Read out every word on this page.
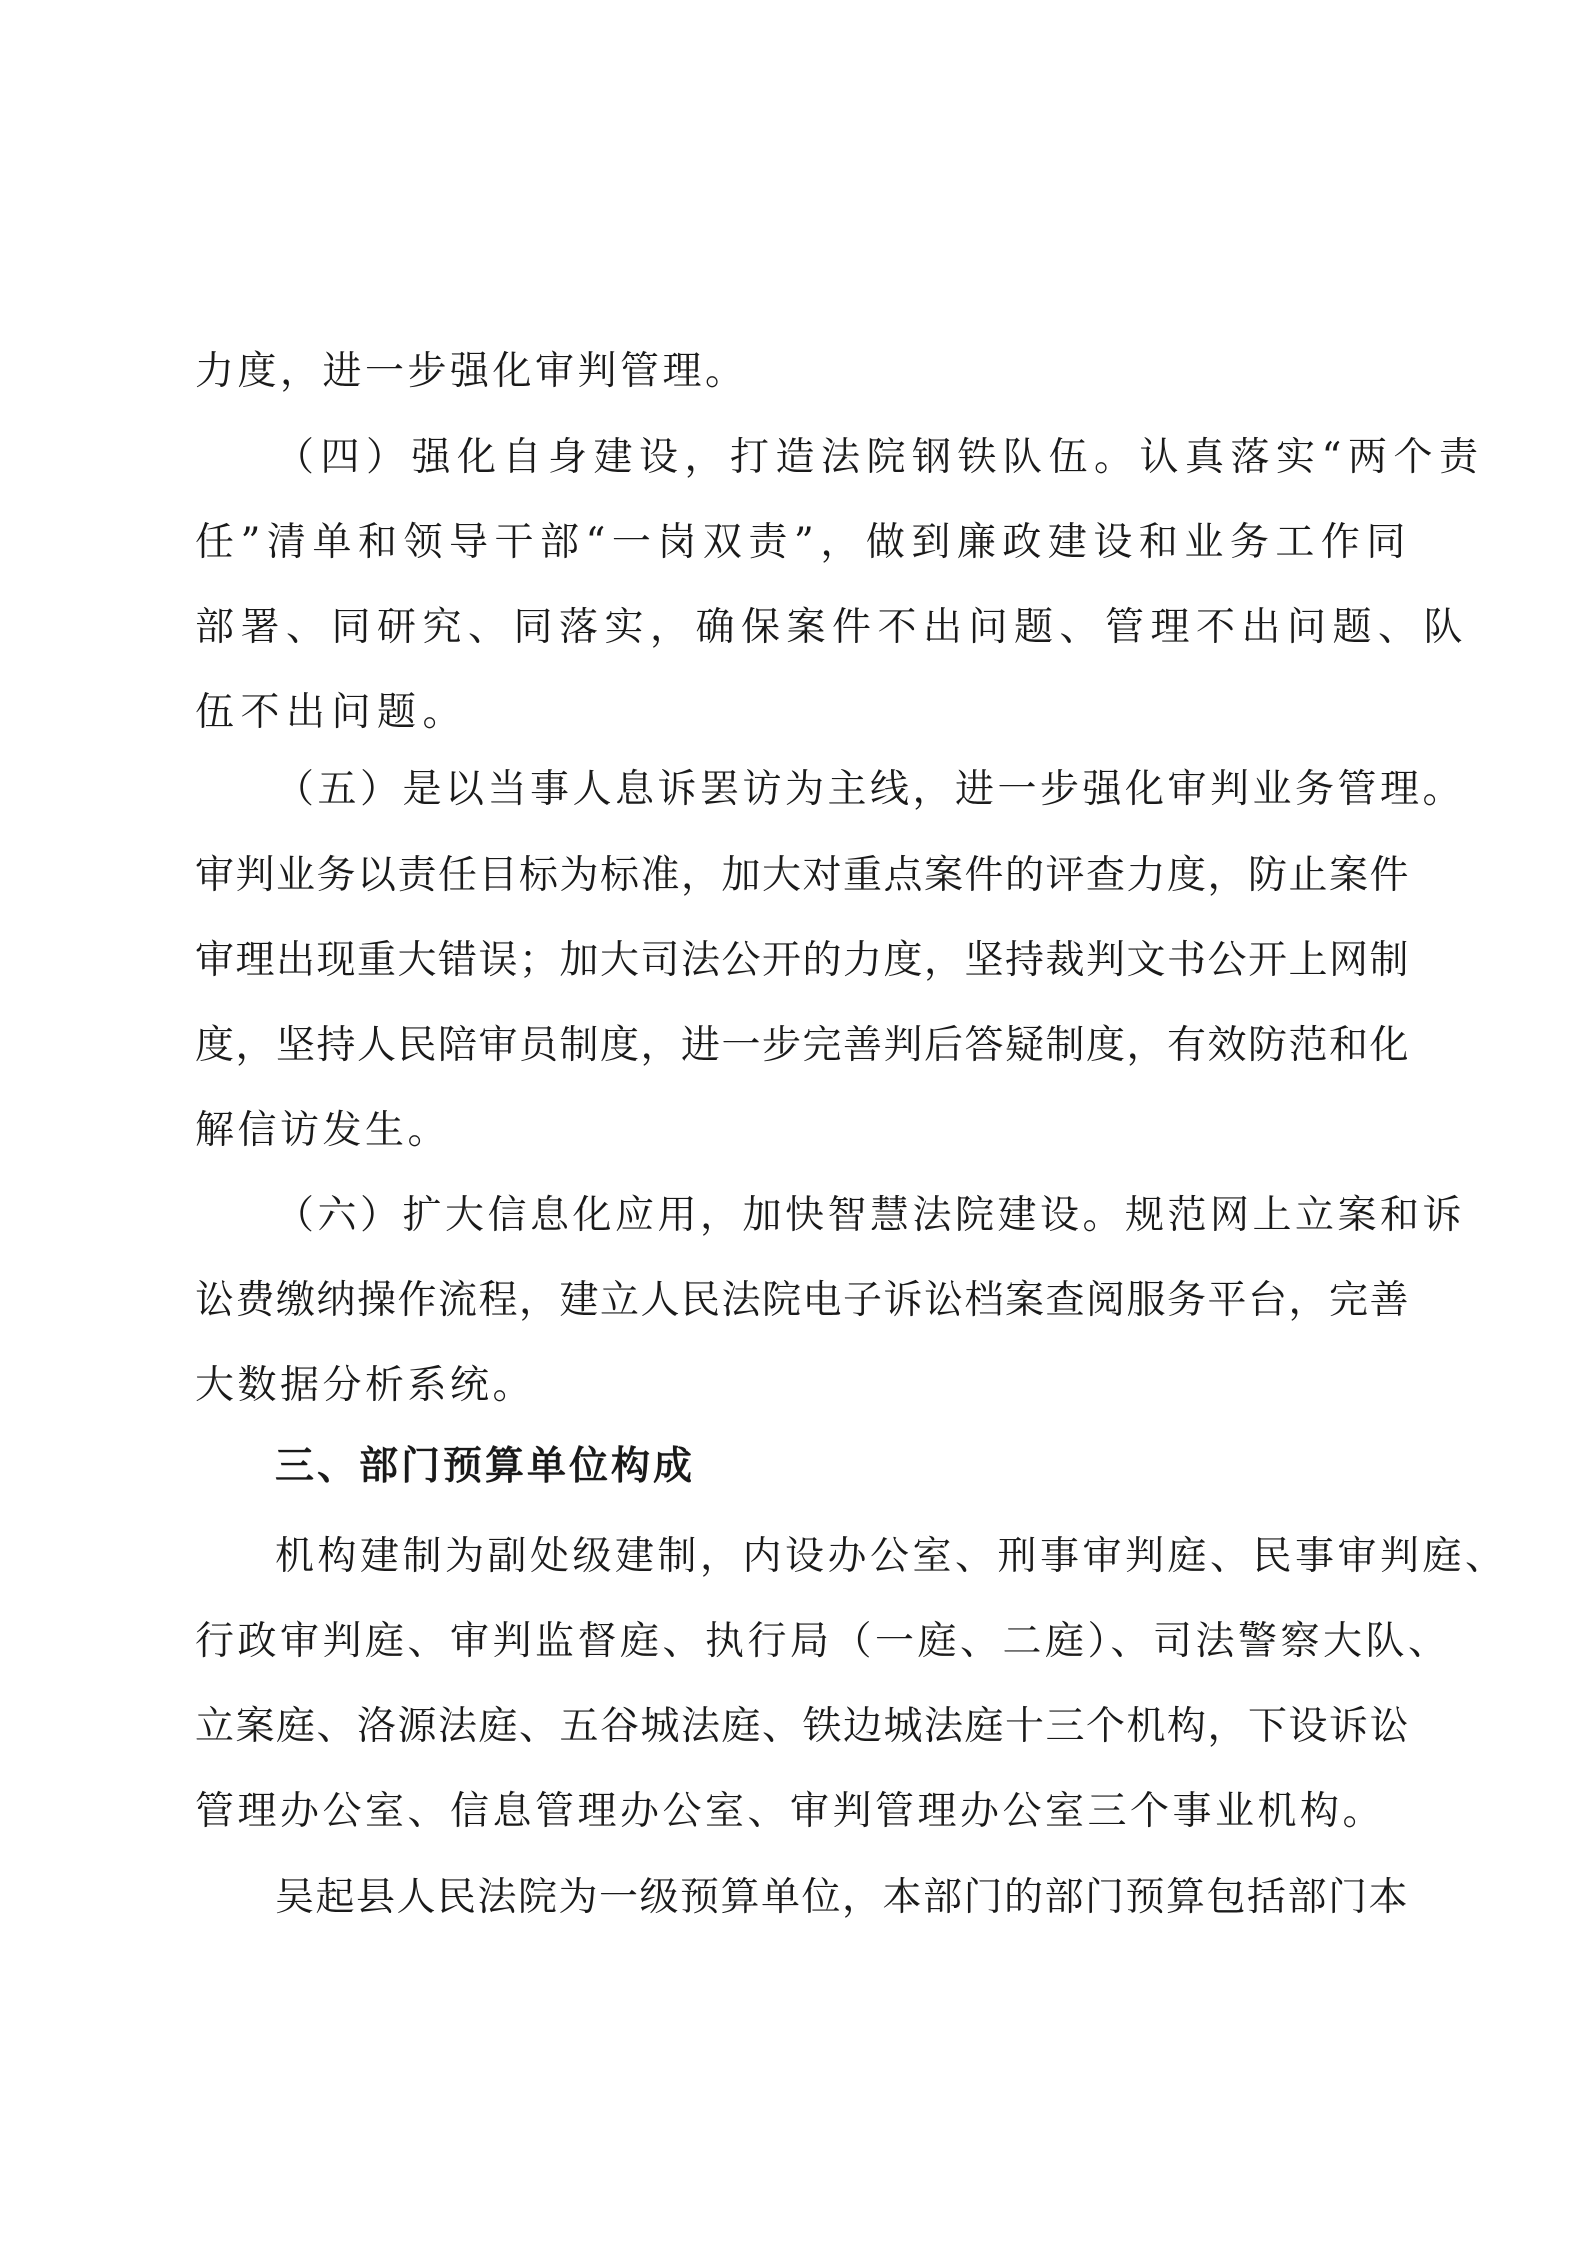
力度，进一步强化审判管理。
（四）强化自身建设，打造法院钢铁队伍。认真落实“两个责
任”清单和领导干部“一岗双责”，做到廉政建设和业务工作同
部署、同研究、同落实，确保案件不出问题、管理不出问题、队
伍不出问题。
（五）是以当事人息诉罢访为主线，进一步强化审判业务管理。
审判业务以责任目标为标准，加大对重点案件的评查力度，防止案件
审理出现重大错误；加大司法公开的力度，坚持裁判文书公开上网制
度，坚持人民陪审员制度，进一步完善判后答疑制度，有效防范和化
解信访发生。
（六）扩大信息化应用，加快智慧法院建设。规范网上立案和诉
讼费缴纳操作流程，建立人民法院电子诉讼档案查阅服务平台，完善
大数据分析系统。
三、部门预算单位构成
机构建制为副处级建制，内设办公室、刑事审判庭、民事审判庭、
行政审判庭、审判监督庭、执行局（一庭、二庭）、司法警察大队、
立案庭、洛源法庭、五谷城法庭、铁边城法庭十三个机构，下设诉讼
管理办公室、信息管理办公室、审判管理办公室三个事业机构。
吴起县人民法院为一级预算单位，本部门的部门预算包括部门本
